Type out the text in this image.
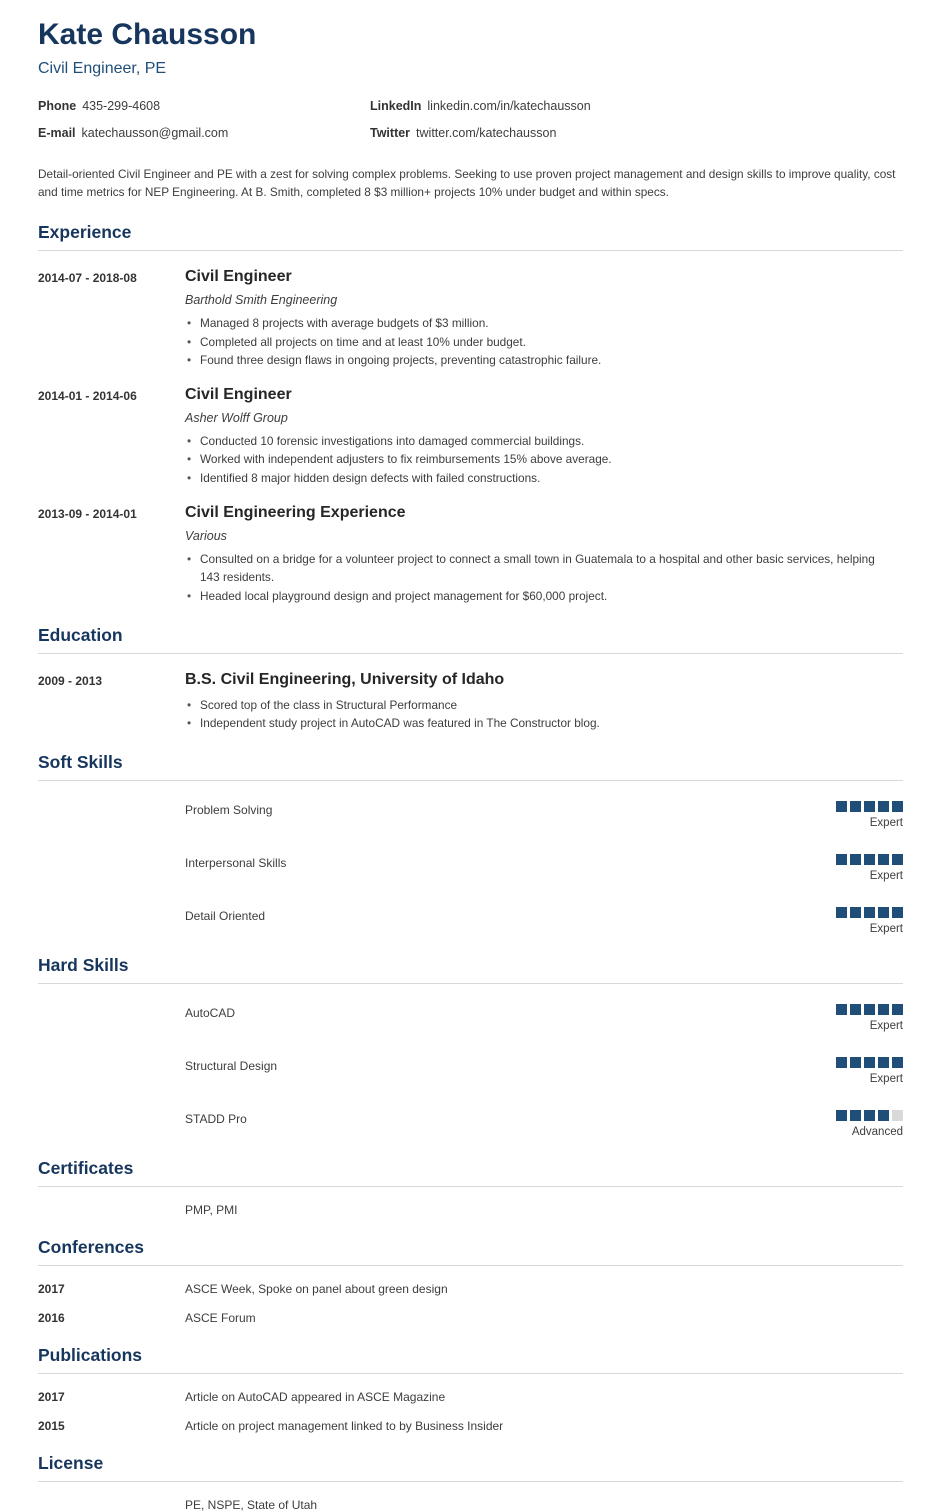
Kate Chausson
Civil Engineer, PE
Phone 435-299-4608	LinkedIn linkedin.com/in/katechausson
E-mail katechausson@gmail.com	Twitter twitter.com/katechausson
Detail-oriented Civil Engineer and PE with a zest for solving complex problems. Seeking to use proven project management and design skills to improve quality, cost and time metrics for NEP Engineering. At B. Smith, completed 8 $3 million+ projects 10% under budget and within specs.
Experience
2014-07 - 2018-08	Civil Engineer
Barthold Smith Engineering
• Managed 8 projects with average budgets of $3 million.
• Completed all projects on time and at least 10% under budget.
• Found three design flaws in ongoing projects, preventing catastrophic failure.
2014-01 - 2014-06	Civil Engineer
Asher Wolff Group
• Conducted 10 forensic investigations into damaged commercial buildings.
• Worked with independent adjusters to fix reimbursements 15% above average.
• Identified 8 major hidden design defects with failed constructions.
2013-09 - 2014-01	Civil Engineering Experience
Various
• Consulted on a bridge for a volunteer project to connect a small town in Guatemala to a hospital and other basic services, helping 143 residents.
• Headed local playground design and project management for $60,000 project.
Education
2009 - 2013	B.S. Civil Engineering, University of Idaho
• Scored top of the class in Structural Performance
• Independent study project in AutoCAD was featured in The Constructor blog.
Soft Skills
Problem Solving
Expert
Interpersonal Skills
Expert
Detail Oriented
Expert
Hard Skills
AutoCAD
Expert
Structural Design
Expert
STADD Pro
Advanced
Certificates
PMP, PMI
Conferences
2017	ASCE Week, Spoke on panel about green design
2016	ASCE Forum
Publications
2017	Article on AutoCAD appeared in ASCE Magazine
2015	Article on project management linked to by Business Insider
License
PE, NSPE, State of Utah
